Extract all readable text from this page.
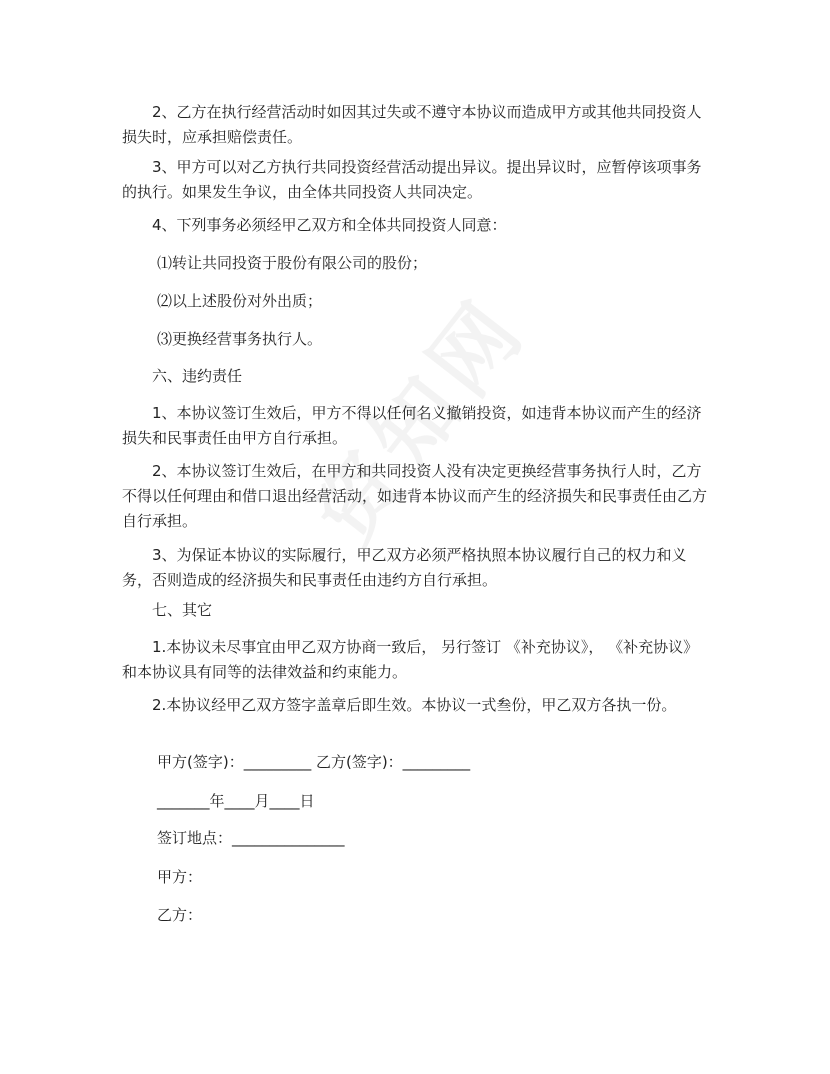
2、乙方在执行经营活动时如因其过失或不遵守本协议而造成甲方或其他共同投资人损失时，应承担赔偿责任。

3、甲方可以对乙方执行共同投资经营活动提出异议。提出异议时，应暂停该项事务的执行。如果发生争议，由全体共同投资人共同决定。

4、下列事务必须经甲乙双方和全体共同投资人同意：

⑴转让共同投资于股份有限公司的股份；

⑵以上述股份对外出质；

⑶更换经营事务执行人。

六、违约责任

1、本协议签订生效后，甲方不得以任何名义撤销投资，如违背本协议而产生的经济损失和民事责任由甲方自行承担。

2、本协议签订生效后，在甲方和共同投资人没有决定更换经营事务执行人时，乙方不得以任何理由和借口退出经营活动，如违背本协议而产生的经济损失和民事责任由乙方自行承担。

3、为保证本协议的实际履行，甲乙双方必须严格执照本协议履行自己的权力和义务，否则造成的经济损失和民事责任由违约方自行承担。

七、其它

1.本协议未尽事宜由甲乙双方协商一致后， 另行签订 《补充协议》， 《补充协议》和本协议具有同等的法律效益和约束能力。

2.本协议经甲乙双方签字盖章后即生效。本协议一式叁份，甲乙双方各执一份。

甲方(签字)：_________ 乙方(签字)：_________

_______年____月____日

签订地点：_______________

甲方：

乙方：
